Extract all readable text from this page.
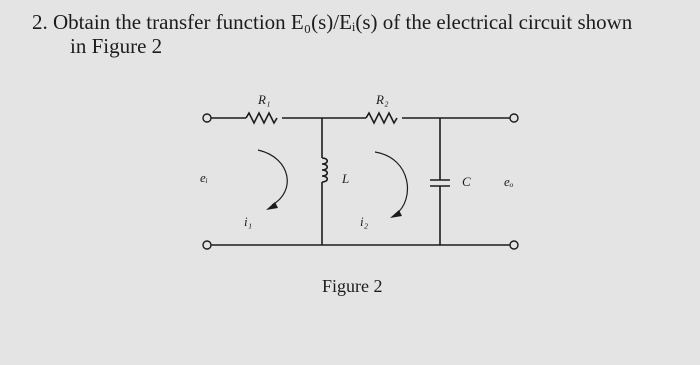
2. Obtain the transfer function E₀(s)/Eᵢ(s) of the electrical circuit shown
in Figure 2
R₁	R₂
L	C
eᵢ	eₒ
i₁	i₂
Figure 2
